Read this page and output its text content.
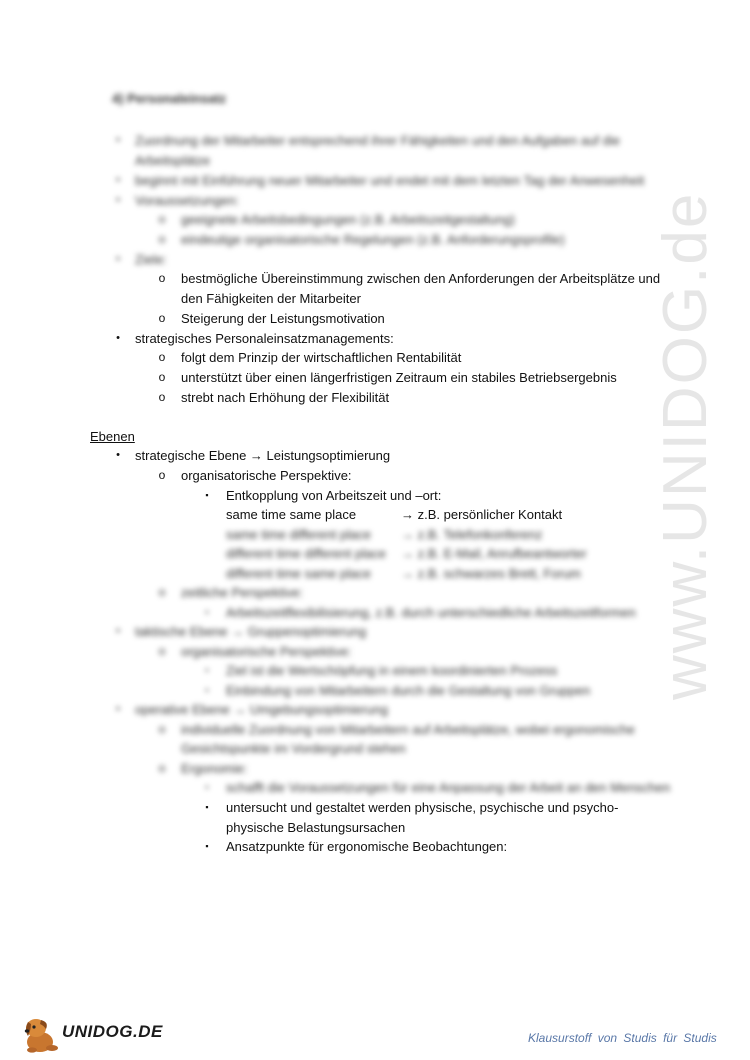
www.UNIDOG.de
4) Personaleinsatz
• Zuordnung der Mitarbeiter entsprechend ihrer Fähigkeiten und den Aufgaben auf die
Arbeitsplätze
• beginnt mit Einführung neuer Mitarbeiter und endet mit dem letzten Tag der Anwesenheit
• Voraussetzungen:
o geeignete Arbeitsbedingungen (z.B. Arbeitszeitgestaltung)
o eindeutige organisatorische Regelungen (z.B. Anforderungsprofile)
• Ziele:
o bestmögliche Übereinstimmung zwischen den Anforderungen der Arbeitsplätze und
den Fähigkeiten der Mitarbeiter
o Steigerung der Leistungsmotivation
• strategisches Personaleinsatzmanagements:
o folgt dem Prinzip der wirtschaftlichen Rentabilität
o unterstützt über einen längerfristigen Zeitraum ein stabiles Betriebsergebnis
o strebt nach Erhöhung der Flexibilität
Ebenen
• strategische Ebene → Leistungsoptimierung
o organisatorische Perspektive:
▪ Entkopplung von Arbeitszeit und –ort:
same time same place	→ z.B. persönlicher Kontakt
same time different place → z.B. Telefonkonferenz
different time different place → z.B. E-Mail, Anrufbeantworter
different time same place → z.B. schwarzes Brett, Forum
o zeitliche Perspektive:
▪ Arbeitszeitflexibilisierung, z.B. durch unterschiedliche Arbeitszeitformen
• taktische Ebene → Gruppenoptimierung
o organisatorische Perspektive:
▪ Ziel ist die Wertschöpfung in einem koordinierten Prozess
▪ Einbindung von Mitarbeitern durch die Gestaltung von Gruppen
• operative Ebene → Umgebungsoptimierung
o individuelle Zuordnung von Mitarbeitern auf Arbeitsplätze, wobei ergonomische
Gesichtspunkte im Vordergrund stehen
o Ergonomie:
▪ schafft die Voraussetzungen für eine Anpassung der Arbeit an den Menschen
▪ untersucht und gestaltet werden physische, psychische und psycho-
physische Belastungsursachen
▪ Ansatzpunkte für ergonomische Beobachtungen:
UNIDOG.DE	Klausurstoff von Studis für Studis
